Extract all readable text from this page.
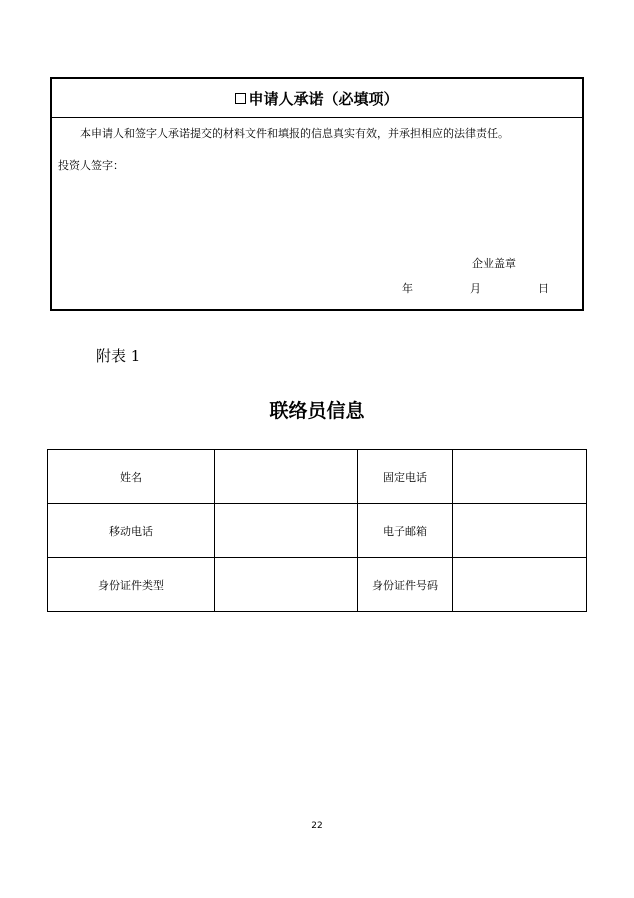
申请人承诺（必填项）
本申请人和签字人承诺提交的材料文件和填报的信息真实有效，并承担相应的法律责任。
投资人签字：
企业盖章
年	月	日
附表 1
联络员信息
姓名		固定电话	
移动电话		电子邮箱	
身份证件类型		身份证件号码	
22
